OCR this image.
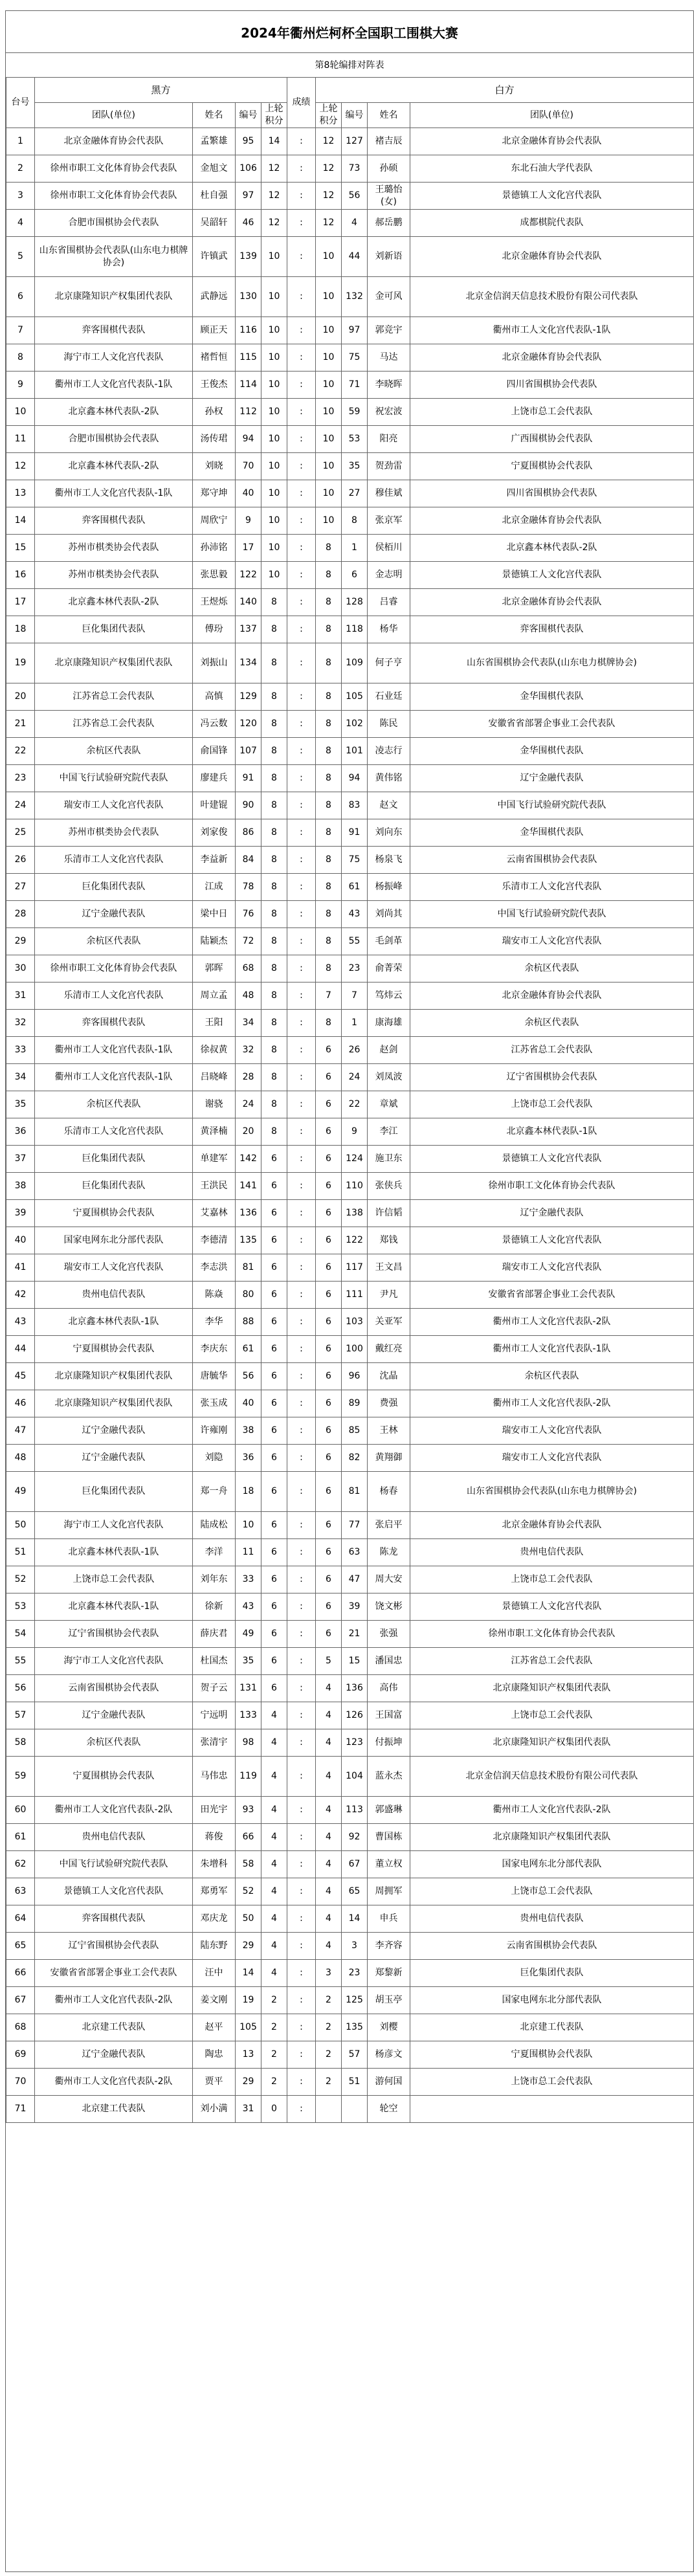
2024年衢州烂柯杯全国职工围棋大赛
第8轮编排对阵表
台号	黑方				成绩	白方			
	团队(单位)	姓名	编号	上轮积分		上轮积分	编号	姓名	团队(单位)
1	北京金融体育协会代表队	孟繁雄	95	14	:	12	127	褚吉辰	北京金融体育协会代表队
2	徐州市职工文化体育协会代表队	金旭文	106	12	:	12	73	孙硕	东北石油大学代表队
3	徐州市职工文化体育协会代表队	杜自强	97	12	:	12	56	王璐怡(女)	景德镇工人文化宫代表队
4	合肥市围棋协会代表队	吴韶轩	46	12	:	12	4	郝岳鹏	成都棋院代表队
5	山东省围棋协会代表队(山东电力棋牌协会)	许镇武	139	10	:	10	44	刘新语	北京金融体育协会代表队
6	北京康隆知识产权集团代表队	武静远	130	10	:	10	132	金可风	北京金信润天信息技术股份有限公司代表队
7	弈客围棋代表队	顾正天	116	10	:	10	97	郭竞宇	衢州市工人文化宫代表队-1队
8	海宁市工人文化宫代表队	褚哲恒	115	10	:	10	75	马达	北京金融体育协会代表队
9	衢州市工人文化宫代表队-1队	王俊杰	114	10	:	10	71	李晓晖	四川省围棋协会代表队
10	北京鑫本林代表队-2队	孙权	112	10	:	10	59	祝宏波	上饶市总工会代表队
11	合肥市围棋协会代表队	汤传珺	94	10	:	10	53	阳亮	广西围棋协会代表队
12	北京鑫本林代表队-2队	刘晓	70	10	:	10	35	贺劲雷	宁夏围棋协会代表队
13	衢州市工人文化宫代表队-1队	郑守坤	40	10	:	10	27	穆佳斌	四川省围棋协会代表队
14	弈客围棋代表队	周欣宁	9	10	:	10	8	张京军	北京金融体育协会代表队
15	苏州市棋类协会代表队	孙沛铭	17	10	:	8	1	侯栢川	北京鑫本林代表队-2队
16	苏州市棋类协会代表队	张思毅	122	10	:	8	6	金志明	景德镇工人文化宫代表队
17	北京鑫本林代表队-2队	王煜烁	140	8	:	8	128	吕睿	北京金融体育协会代表队
18	巨化集团代表队	傅玢	137	8	:	8	118	杨华	弈客围棋代表队
19	北京康隆知识产权集团代表队	刘振山	134	8	:	8	109	何子亨	山东省围棋协会代表队(山东电力棋牌协会)
20	江苏省总工会代表队	高慎	129	8	:	8	105	石业廷	金华围棋代表队
21	江苏省总工会代表队	冯云数	120	8	:	8	102	陈民	安徽省省部署企事业工会代表队
22	余杭区代表队	俞国锋	107	8	:	8	101	凌志行	金华围棋代表队
23	中国飞行试验研究院代表队	廖建兵	91	8	:	8	94	黄伟铭	辽宁金融代表队
24	瑞安市工人文化宫代表队	叶建锟	90	8	:	8	83	赵文	中国飞行试验研究院代表队
25	苏州市棋类协会代表队	刘家俊	86	8	:	8	91	刘向东	金华围棋代表队
26	乐清市工人文化宫代表队	李益新	84	8	:	8	75	杨泉飞	云南省围棋协会代表队
27	巨化集团代表队	江成	78	8	:	8	61	杨振峰	乐清市工人文化宫代表队
28	辽宁金融代表队	梁中日	76	8	:	8	43	刘尚其	中国飞行试验研究院代表队
29	余杭区代表队	陆颖杰	72	8	:	8	55	毛剑革	瑞安市工人文化宫代表队
30	徐州市职工文化体育协会代表队	郭晖	68	8	:	8	23	俞菁荣	余杭区代表队
31	乐清市工人文化宫代表队	周立孟	48	8	:	7	7	笃炜云	北京金融体育协会代表队
32	弈客围棋代表队	王阳	34	8	:	8	1	康海雄	余杭区代表队
33	衢州市工人文化宫代表队-1队	徐叔黄	32	8	:	6	26	赵剑	江苏省总工会代表队
34	衢州市工人文化宫代表队-1队	吕晓峰	28	8	:	6	24	刘凤波	辽宁省围棋协会代表队
35	余杭区代表队	谢骁	24	8	:	6	22	章斌	上饶市总工会代表队
36	乐清市工人文化宫代表队	黄泽楠	20	8	:	6	9	李江	北京鑫本林代表队-1队
37	巨化集团代表队	单建军	142	6	:	6	124	施卫东	景德镇工人文化宫代表队
38	巨化集团代表队	王洪民	141	6	:	6	110	张侠兵	徐州市职工文化体育协会代表队
39	宁夏围棋协会代表队	艾嘉林	136	6	:	6	138	许信韬	辽宁金融代表队
40	国家电网东北分部代表队	李德清	135	6	:	6	122	郑钱	景德镇工人文化宫代表队
41	瑞安市工人文化宫代表队	李志洪	81	6	:	6	117	王文昌	瑞安市工人文化宫代表队
42	贵州电信代表队	陈焱	80	6	:	6	111	尹凡	安徽省省部署企事业工会代表队
43	北京鑫本林代表队-1队	李华	88	6	:	6	103	关亚军	衢州市工人文化宫代表队-2队
44	宁夏围棋协会代表队	李庆东	61	6	:	6	100	戴红亮	衢州市工人文化宫代表队-1队
45	北京康隆知识产权集团代表队	唐毓华	56	6	:	6	96	沈晶	余杭区代表队
46	北京康隆知识产权集团代表队	张玉成	40	6	:	6	89	费强	衢州市工人文化宫代表队-2队
47	辽宁金融代表队	许雍刚	38	6	:	6	85	王林	瑞安市工人文化宫代表队
48	辽宁金融代表队	刘隐	36	6	:	6	82	黄翔御	瑞安市工人文化宫代表队
49	巨化集团代表队	郑一舟	18	6	:	6	81	杨春	山东省围棋协会代表队(山东电力棋牌协会)
50	海宁市工人文化宫代表队	陆成松	10	6	:	6	77	张启平	北京金融体育协会代表队
51	北京鑫本林代表队-1队	李洋	11	6	:	6	63	陈龙	贵州电信代表队
52	上饶市总工会代表队	刘年东	33	6	:	6	47	周大安	上饶市总工会代表队
53	北京鑫本林代表队-1队	徐新	43	6	:	6	39	饶文彬	景德镇工人文化宫代表队
54	辽宁省围棋协会代表队	薛庆君	49	6	:	6	21	张强	徐州市职工文化体育协会代表队
55	海宁市工人文化宫代表队	杜国杰	35	6	:	5	15	潘国忠	江苏省总工会代表队
56	云南省围棋协会代表队	贺子云	131	6	:	4	136	高伟	北京康隆知识产权集团代表队
57	辽宁金融代表队	宁远明	133	4	:	4	126	王国富	上饶市总工会代表队
58	余杭区代表队	张清宇	98	4	:	4	123	付振坤	北京康隆知识产权集团代表队
59	宁夏围棋协会代表队	马伟忠	119	4	:	4	104	蓝永杰	北京金信润天信息技术股份有限公司代表队
60	衢州市工人文化宫代表队-2队	田光宇	93	4	:	4	113	郭盛琳	衢州市工人文化宫代表队-2队
61	贵州电信代表队	蒋俊	66	4	:	4	92	曹国栋	北京康隆知识产权集团代表队
62	中国飞行试验研究院代表队	朱增科	58	4	:	4	67	董立权	国家电网东北分部代表队
63	景德镇工人文化宫代表队	郑勇军	52	4	:	4	65	周拥军	上饶市总工会代表队
64	弈客围棋代表队	邓庆龙	50	4	:	4	14	申兵	贵州电信代表队
65	辽宁省围棋协会代表队	陆东野	29	4	:	4	3	李齐容	云南省围棋协会代表队
66	安徽省省部署企事业工会代表队	汪中	14	4	:	3	23	郑黎新	巨化集团代表队
67	衢州市工人文化宫代表队-2队	姜文刚	19	2	:	2	125	胡玉亭	国家电网东北分部代表队
68	北京建工代表队	赵平	105	2	:	2	135	刘樱	北京建工代表队
69	辽宁金融代表队	陶忠	13	2	:	2	57	杨彦文	宁夏围棋协会代表队
70	衢州市工人文化宫代表队-2队	贾平	29	2	:	2	51	游何国	上饶市总工会代表队
71	北京建工代表队	刘小满	31	0	:			轮空	
